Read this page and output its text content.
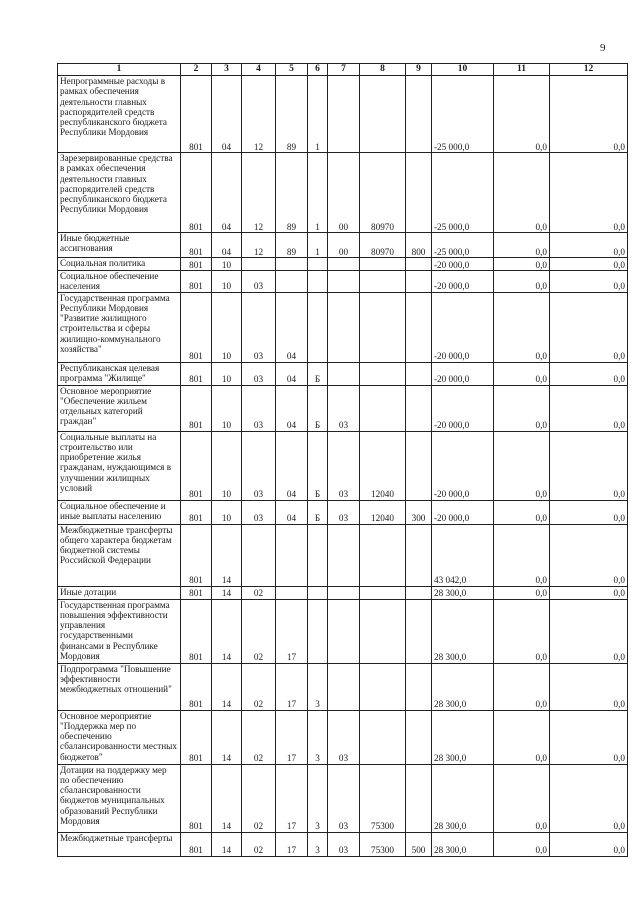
9
1	2	3	4	5	6	7	8	9	10	11	12
Непрограммные расходы в рамках обеспечения деятельности главных распорядителей средств республиканского бюджета Республики Мордовия	801	04	12	89	1				-25 000,0	0,0	0,0
Зарезервированные средства в рамках обеспечения деятельности главных распорядителей средств республиканского бюджета Республики Мордовия	801	04	12	89	1	00	80970		-25 000,0	0,0	0,0
Иные бюджетные ассигнования	801	04	12	89	1	00	80970	800	-25 000,0	0,0	0,0
Социальная политика	801	10							-20 000,0	0,0	0,0
Социальное обеспечение населения	801	10	03						-20 000,0	0,0	0,0
Государственная программа Республики Мордовия "Развитие жилищного строительства и сферы жилищно-коммунального хозяйства"	801	10	03	04					-20 000,0	0,0	0,0
Республиканская целевая программа "Жилище"	801	10	03	04	Б				-20 000,0	0,0	0,0
Основное мероприятие "Обеспечение жильем отдельных категорий граждан"	801	10	03	04	Б	03			-20 000,0	0,0	0,0
Социальные выплаты на строительство или приобретение жилья гражданам, нуждающимся в улучшении жилищных условий	801	10	03	04	Б	03	12040		-20 000,0	0,0	0,0
Социальное обеспечение и иные выплаты населению	801	10	03	04	Б	03	12040	300	-20 000,0	0,0	0,0
Межбюджетные трансферты общего характера бюджетам бюджетной системы Российской Федерации	801	14							43 042,0	0,0	0,0
Иные дотации	801	14	02						28 300,0	0,0	0,0
Государственная программа повышения эффективности управления государственными финансами в Республике Мордовия	801	14	02	17					28 300,0	0,0	0,0
Подпрограмма "Повышение эффективности межбюджетных отношений"	801	14	02	17	3				28 300,0	0,0	0,0
Основное мероприятие "Поддержка мер по обеспечению сбалансированности местных бюджетов"	801	14	02	17	3	03			28 300,0	0,0	0,0
Дотации на поддержку мер по обеспечению сбалансированности бюджетов муниципальных образований Республики Мордовия	801	14	02	17	3	03	75300		28 300,0	0,0	0,0
Межбюджетные трансферты	801	14	02	17	3	03	75300	500	28 300,0	0,0	0,0
